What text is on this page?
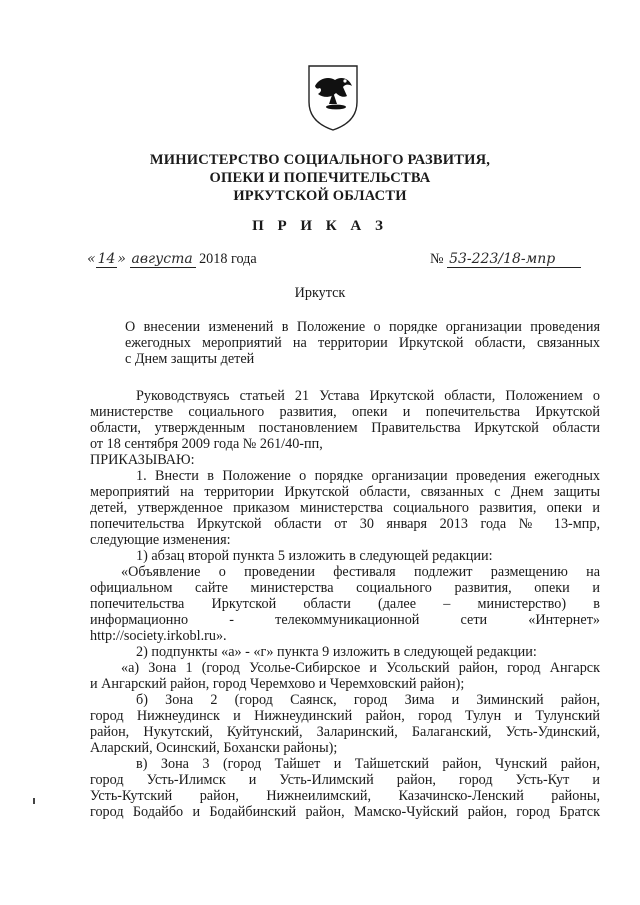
МИНИСТЕРСТВО СОЦИАЛЬНОГО РАЗВИТИЯ,
ОПЕКИ И ПОПЕЧИТЕЛЬСТВА
ИРКУТСКОЙ ОБЛАСТИ
П Р И К А З
« 14 » августа 2018 года	№ 53-223/18-мпр
Иркутск
О внесении изменений в Положение о порядке организации проведения
ежегодных мероприятий на территории Иркутской области, связанных
с Днем защиты детей
Руководствуясь статьей 21 Устава Иркутской области, Положением о
министерстве социального развития, опеки и попечительства Иркутской
области, утвержденным постановлением Правительства Иркутской области
от 18 сентября 2009 года № 261/40-пп,
ПРИКАЗЫВАЮ:
1. Внести в Положение о порядке организации проведения ежегодных
мероприятий на территории Иркутской области, связанных с Днем защиты
детей, утвержденное приказом министерства социального развития, опеки и
попечительства Иркутской области от 30 января 2013 года № 13-мпр,
следующие изменения:
1) абзац второй пункта 5 изложить в следующей редакции:
«Объявление о проведении фестиваля подлежит размещению на
официальном сайте министерства социального развития, опеки и
попечительства Иркутской области (далее – министерство) в
информационно - телекоммуникационной сети «Интернет»
http://society.irkobl.ru».
2) подпункты «а» - «г» пункта 9 изложить в следующей редакции:
«а) Зона 1 (город Усолье-Сибирское и Усольский район, город Ангарск
и Ангарский район, город Черемхово и Черемховский район);
б) Зона 2 (город Саянск, город Зима и Зиминский район,
город Нижнеудинск и Нижнеудинский район, город Тулун и Тулунский
район, Нукутский, Куйтунский, Заларинский, Балаганский, Усть-Удинский,
Аларский, Осинский, Бохански районы);
в) Зона 3 (город Тайшет и Тайшетский район, Чунский район,
город Усть-Илимск и Усть-Илимский район, город Усть-Кут и
Усть-Кутский район, Нижнеилимский, Казачинско-Ленский районы,
город Бодайбо и Бодайбинский район, Мамско-Чуйский район, город Братск
